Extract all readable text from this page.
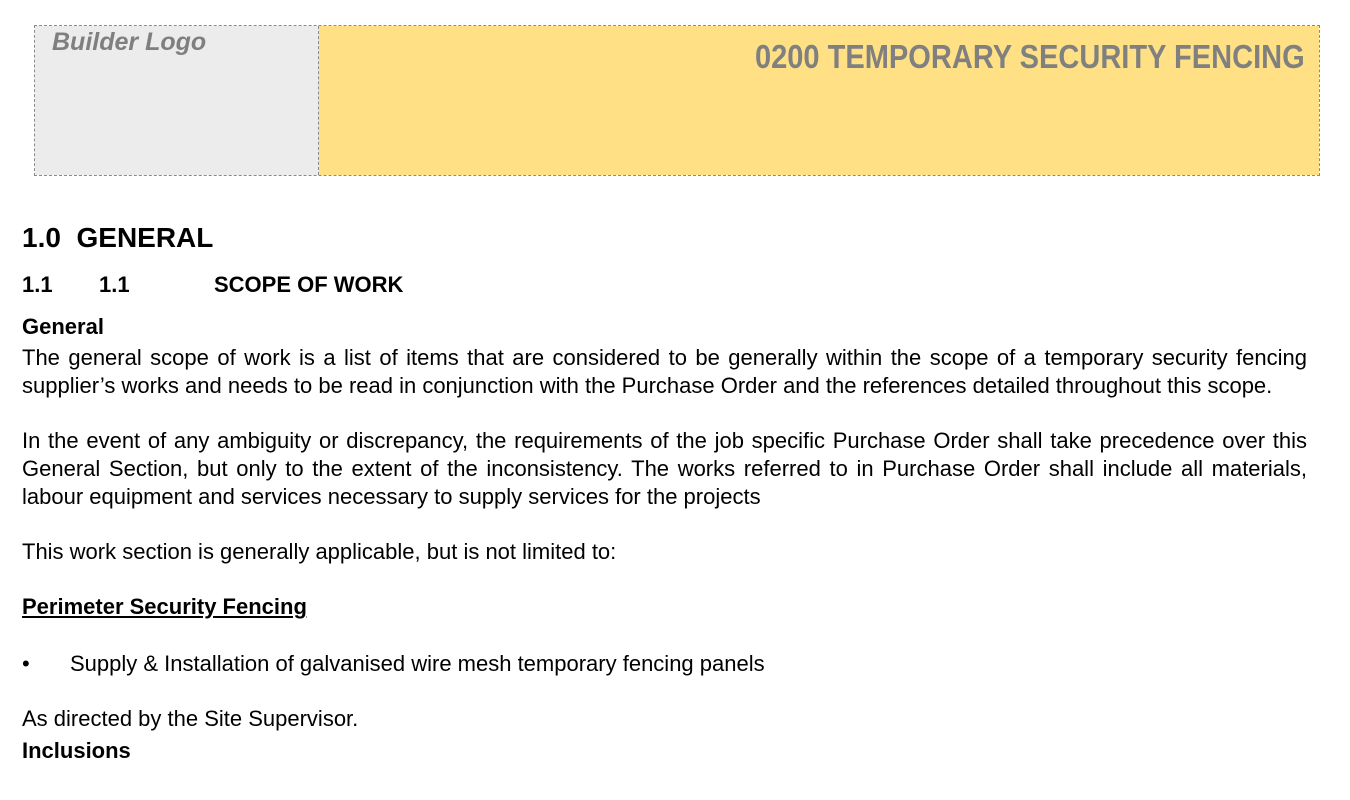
Builder Logo	0200 TEMPORARY SECURITY FENCING

1.0  GENERAL

1.1	1.1	SCOPE OF WORK

General

The general scope of work is a list of items that are considered to be generally within the scope of a temporary security fencing supplier’s works and needs to be read in conjunction with the Purchase Order and the references detailed throughout this scope.

In the event of any ambiguity or discrepancy, the requirements of the job specific Purchase Order shall take precedence over this General Section, but only to the extent of the inconsistency. The works referred to in Purchase Order shall include all materials, labour equipment and services necessary to supply services for the projects

This work section is generally applicable, but is not limited to:

Perimeter Security Fencing

•	Supply & Installation of galvanised wire mesh temporary fencing panels

As directed by the Site Supervisor.

Inclusions
